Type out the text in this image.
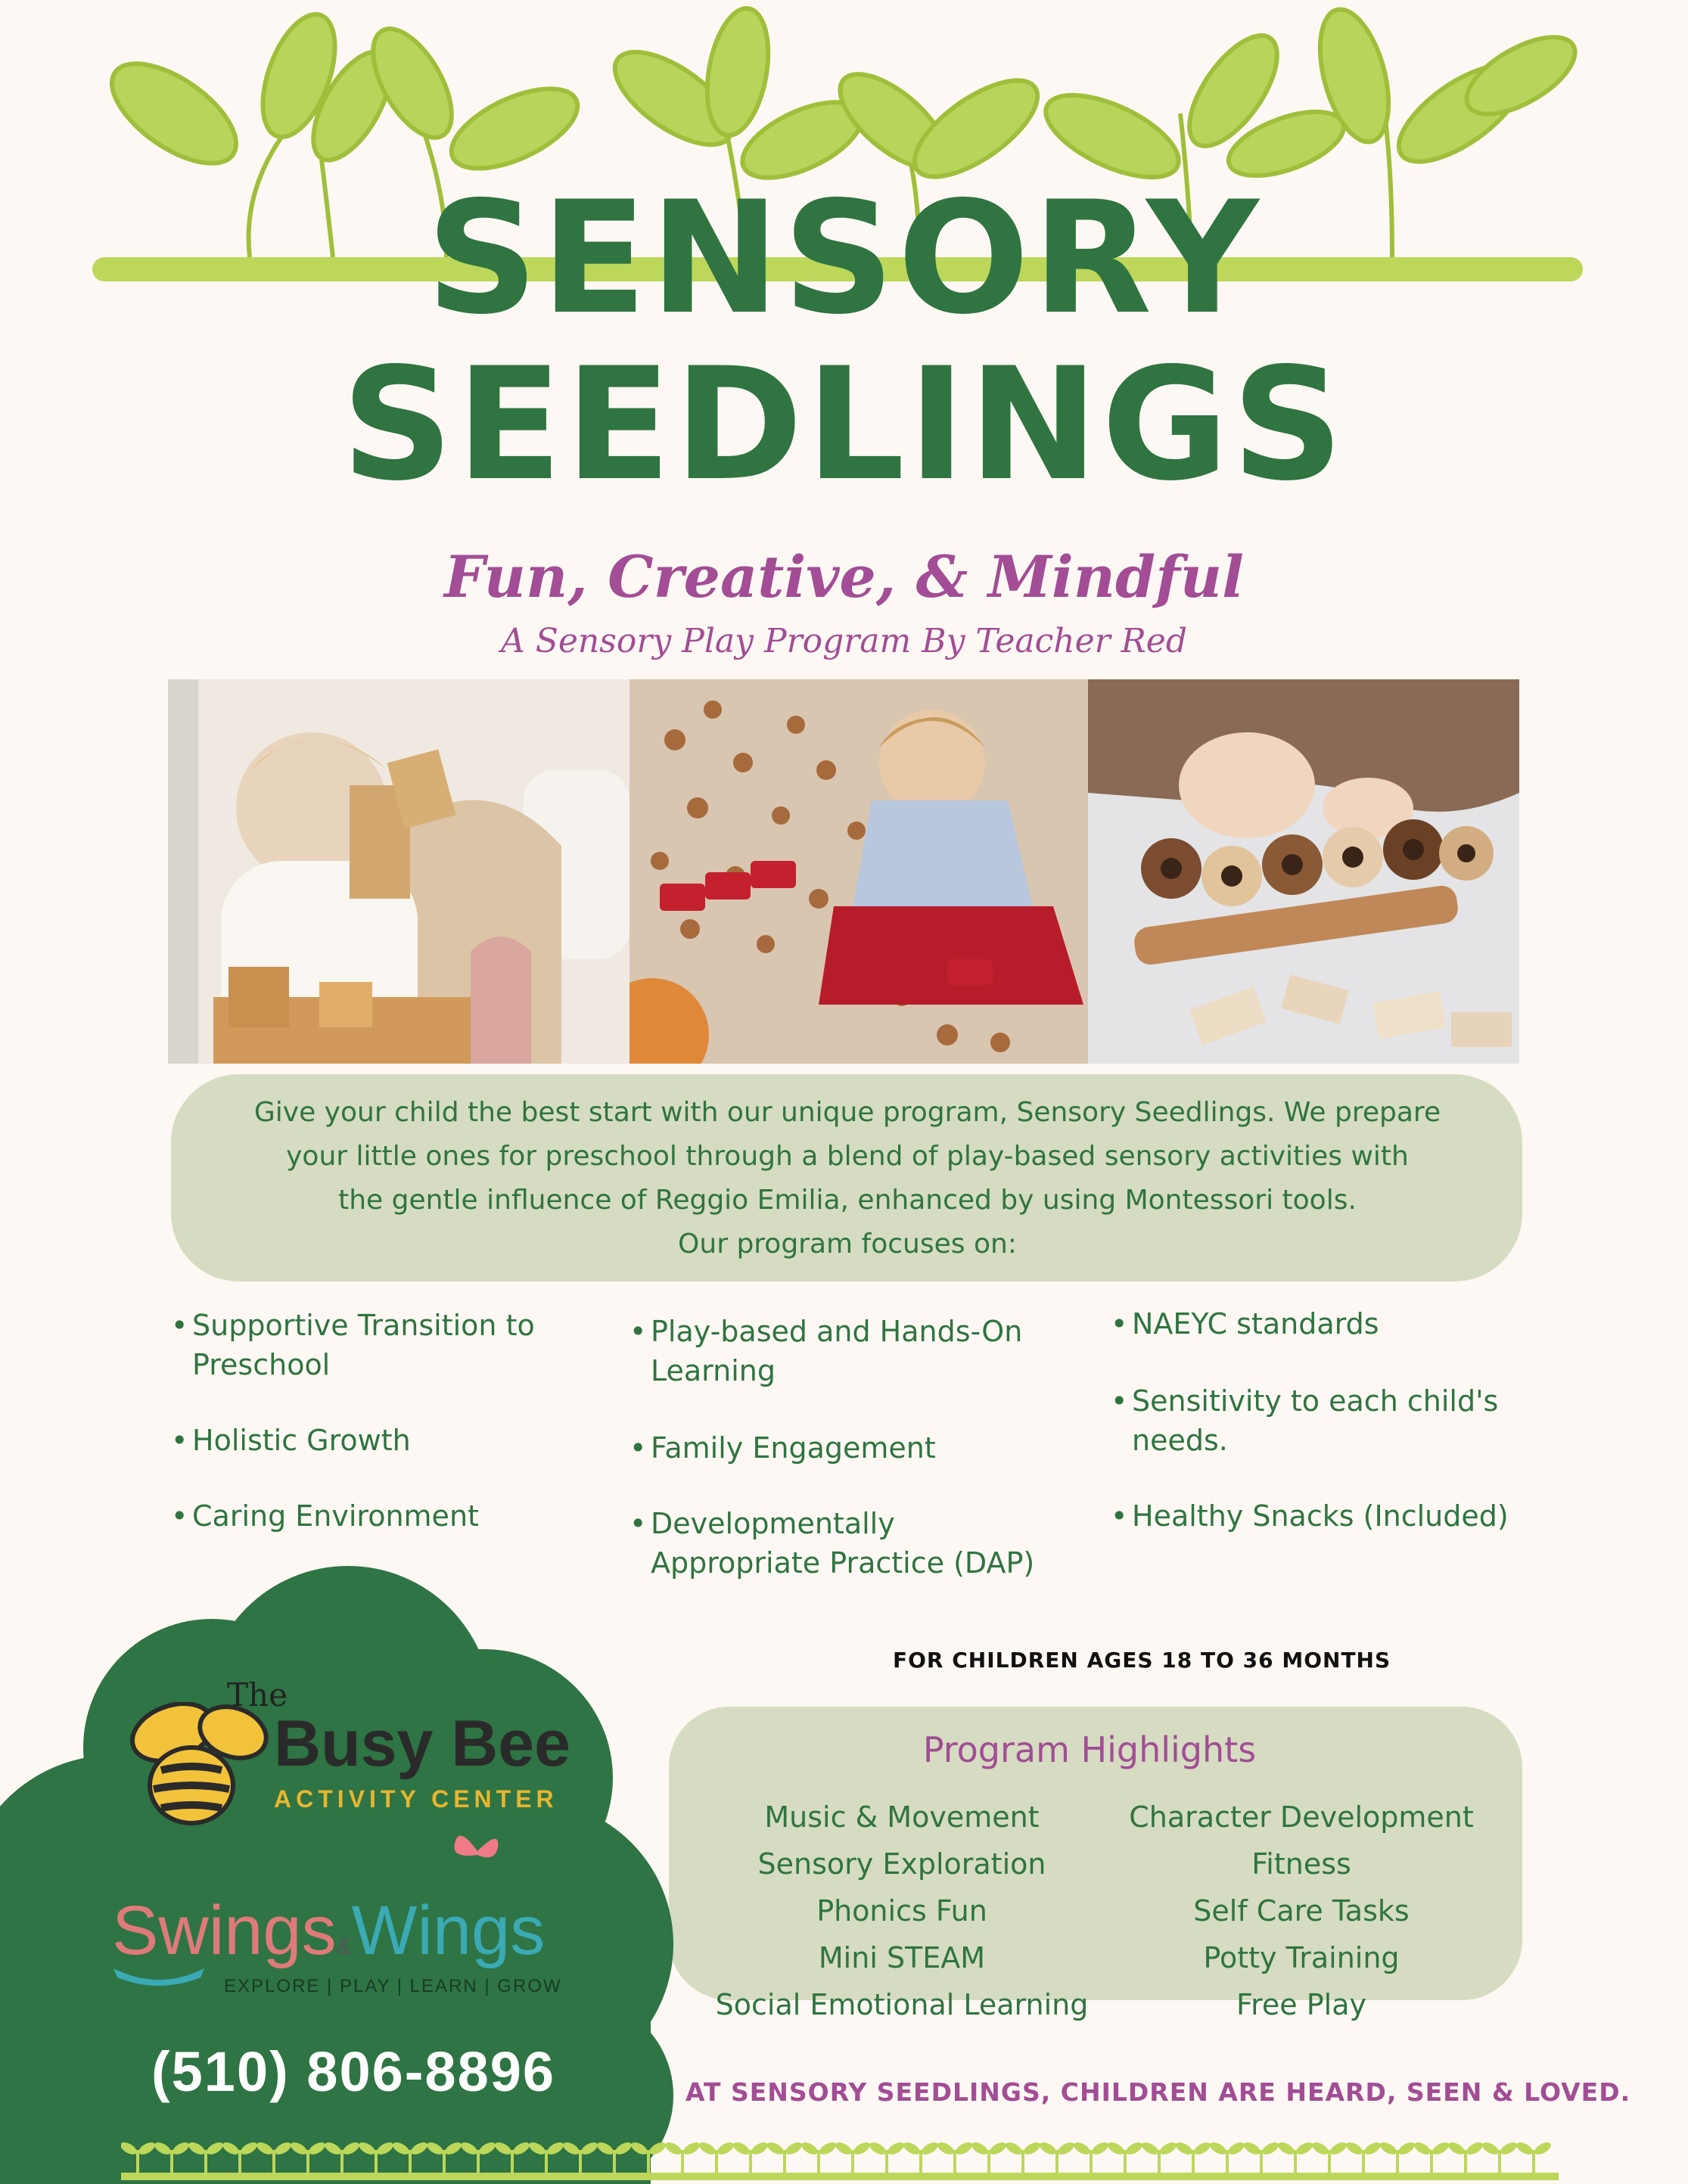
SENSORY
SEEDLINGS
Fun, Creative, & Mindful
A Sensory Play Program By Teacher Red
Give your child the best start with our unique program, Sensory Seedlings. We prepare
your little ones for preschool through a blend of play-based sensory activities with
the gentle influence of Reggio Emilia, enhanced by using Montessori tools.
Our program focuses on:
• Supportive Transition to
Preschool
• Holistic Growth
• Caring Environment
• Play-based and Hands-On
Learning
• Family Engagement
• Developmentally
Appropriate Practice (DAP)
• NAEYC standards
• Sensitivity to each child's
needs.
• Healthy Snacks (Included)
FOR CHILDREN AGES 18 TO 36 MONTHS
Program Highlights
Music & Movement
Sensory Exploration
Phonics Fun
Mini STEAM
Social Emotional Learning
Character Development
Fitness
Self Care Tasks
Potty Training
Free Play
AT SENSORY SEEDLINGS, CHILDREN ARE HEARD, SEEN & LOVED.
The
Busy Bee
ACTIVITY CENTER
Swings&Wings
EXPLORE | PLAY | LEARN | GROW
(510) 806-8896
